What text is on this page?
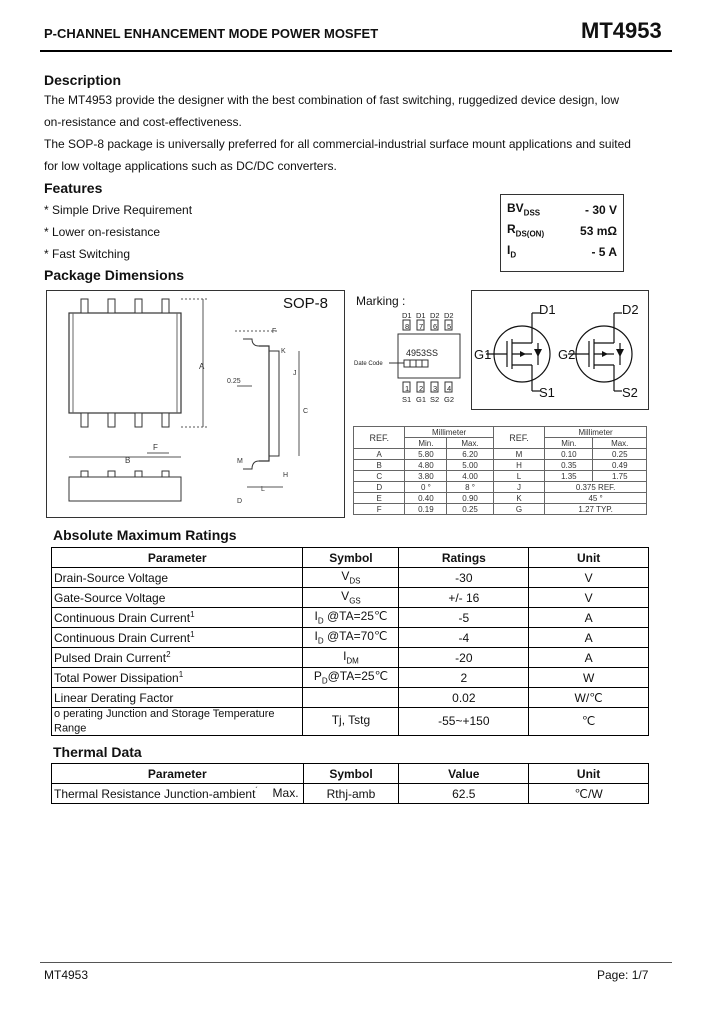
P-CHANNEL ENHANCEMENT MODE POWER MOSFET	MT4953
Description
The MT4953 provide the designer with the best combination of fast switching, ruggedized device design, low
on-resistance and cost-effectiveness.
The SOP-8 package is universally preferred for all commercial-industrial surface mount applications and suited
for low voltage applications such as DC/DC converters.
Features
* Simple Drive Requirement
* Lower on-resistance
* Fast Switching
$BV_{DSS}$	- 30 V
$R_{DS(ON)}$	53 mΩ
$I_D$	- 5 A
Package Dimensions
A
B
F
0.25
F
K
J
C
M
D
L
H
SOP-8 Marking :
D1 D1 D2 D2
8 7 6 5
1 2 3 4
S1 G1 S2 G2
4953SS
Date Code
D1
G1
S1
D2
G2
S2
REF.	Millimeter		REF.	Millimeter	
	Min.	Max.		Min.	Max.
A	5.80	6.20	M	0.10	0.25
B	4.80	5.00	H	0.35	0.49
C	3.80	4.00	L	1.35	1.75
D	0 °	8 °	J	0.375 REF.	
E	0.40	0.90	K	45 °	
F	0.19	0.25	G	1.27 TYP.	
Absolute Maximum Ratings
Parameter	Symbol	Ratings	Unit
Drain-Source Voltage	$V_{DS}$	-30	V
Gate-Source Voltage	$V_{GS}$	+/- 16	V
Continuous Drain Current$^1$	$I_D$ @TA=25℃	-5	A
Continuous Drain Current$^1$	$I_D$ @TA=70℃	-4	A
Pulsed Drain Current$^2$	$I_{DM}$	-20	A
Total Power Dissipation$^1$	$P_D@TA=25℃$	2	W
Linear Derating Factor		0.02	W/℃
o perating Junction and Storage Temperature Range	Tj, Tstg	-55~+150	℃
Thermal Data
Parameter	Symbol	Value	Unit
Thermal Resistance Junction-ambient´ Max.	Rthj-amb	62.5	℃/W
MT4953	Page: 1/7
